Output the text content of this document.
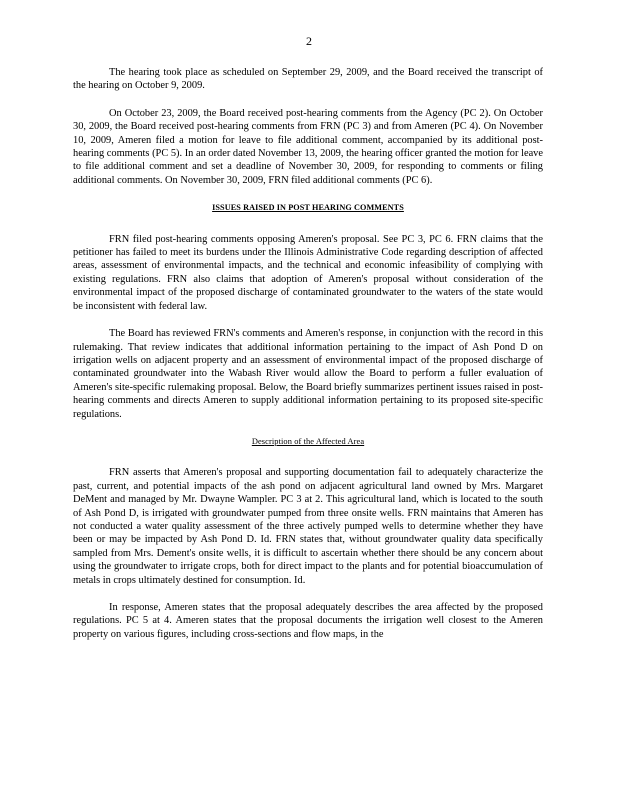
2

The hearing took place as scheduled on September 29, 2009, and the Board received the transcript of the hearing on October 9, 2009.

On October 23, 2009, the Board received post-hearing comments from the Agency (PC 2). On October 30, 2009, the Board received post-hearing comments from FRN (PC 3) and from Ameren (PC 4). On November 10, 2009, Ameren filed a motion for leave to file additional comment, accompanied by its additional post-hearing comments (PC 5). In an order dated November 13, 2009, the hearing officer granted the motion for leave to file additional comment and set a deadline of November 30, 2009, for responding to comments or filing additional comments. On November 30, 2009, FRN filed additional comments (PC 6).

ISSUES RAISED IN POST HEARING COMMENTS

FRN filed post-hearing comments opposing Ameren's proposal. See PC 3, PC 6. FRN claims that the petitioner has failed to meet its burdens under the Illinois Administrative Code regarding description of affected areas, assessment of environmental impacts, and the technical and economic infeasibility of complying with existing regulations. FRN also claims that adoption of Ameren's proposal without consideration of the environmental impact of the proposed discharge of contaminated groundwater to the waters of the state would be inconsistent with federal law.

The Board has reviewed FRN's comments and Ameren's response, in conjunction with the record in this rulemaking. That review indicates that additional information pertaining to the impact of Ash Pond D on irrigation wells on adjacent property and an assessment of environmental impact of the proposed discharge of contaminated groundwater into the Wabash River would allow the Board to perform a fuller evaluation of Ameren's site-specific rulemaking proposal. Below, the Board briefly summarizes pertinent issues raised in post-hearing comments and directs Ameren to supply additional information pertaining to its proposed site-specific regulations.

Description of the Affected Area

FRN asserts that Ameren's proposal and supporting documentation fail to adequately characterize the past, current, and potential impacts of the ash pond on adjacent agricultural land owned by Mrs. Margaret DeMent and managed by Mr. Dwayne Wampler. PC 3 at 2. This agricultural land, which is located to the south of Ash Pond D, is irrigated with groundwater pumped from three onsite wells. FRN maintains that Ameren has not conducted a water quality assessment of the three actively pumped wells to determine whether they have been or may be impacted by Ash Pond D. Id. FRN states that, without groundwater quality data specifically sampled from Mrs. Dement's onsite wells, it is difficult to ascertain whether there should be any concern about using the groundwater to irrigate crops, both for direct impact to the plants and for potential bioaccumulation of metals in crops ultimately destined for consumption. Id.

In response, Ameren states that the proposal adequately describes the area affected by the proposed regulations. PC 5 at 4. Ameren states that the proposal documents the irrigation well closest to the Ameren property on various figures, including cross-sections and flow maps, in the
